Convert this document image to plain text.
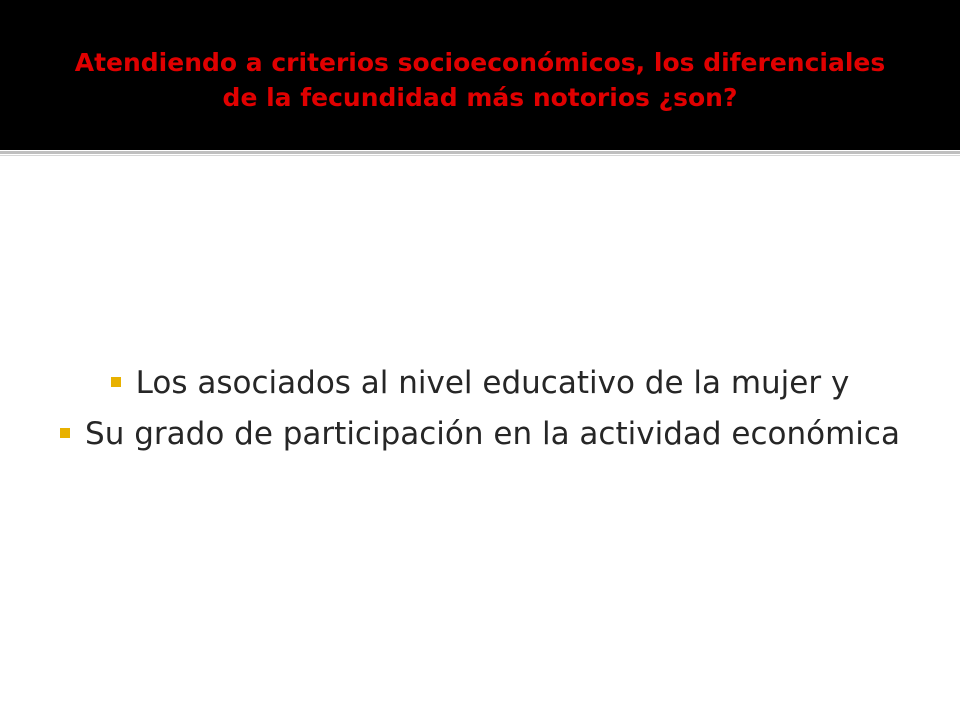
Atendiendo a criterios socioeconómicos, los diferenciales de la fecundidad más notorios ¿son?
Los asociados al nivel educativo de la mujer y
Su grado de participación en la actividad económica
